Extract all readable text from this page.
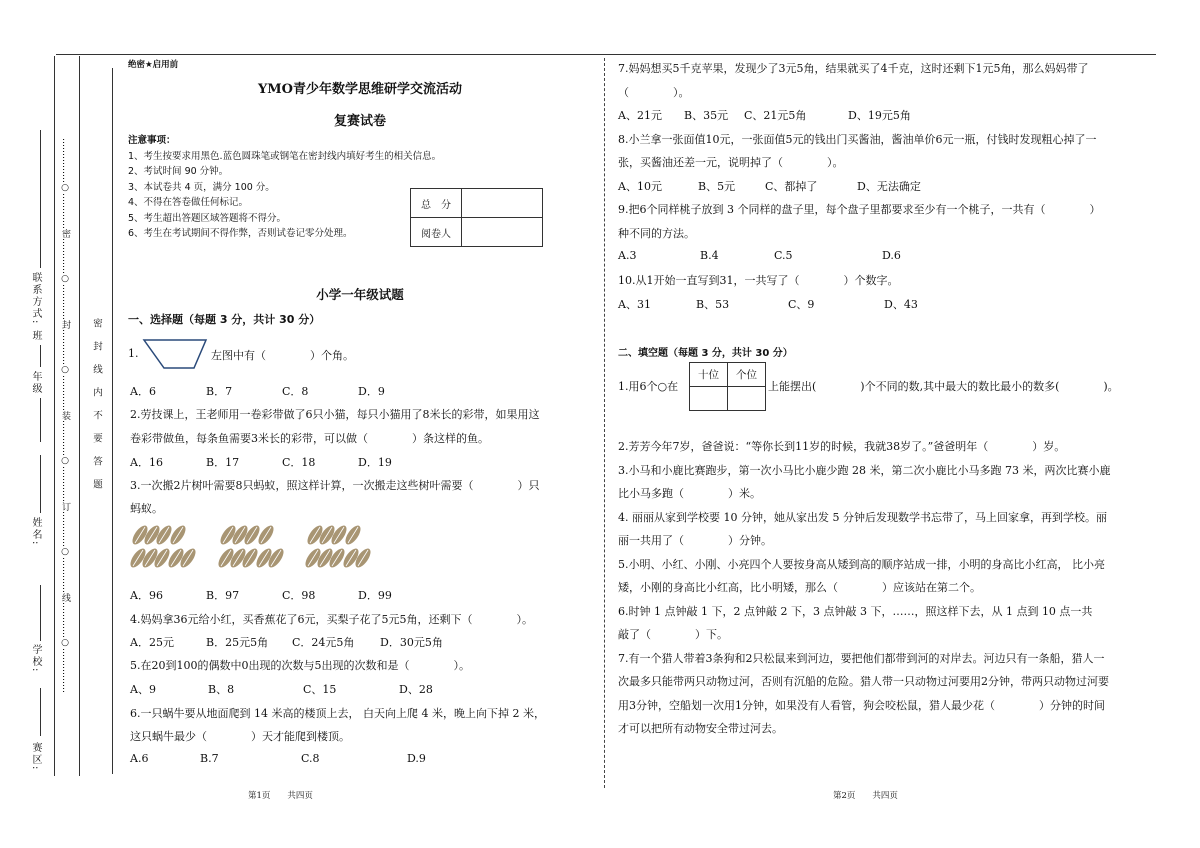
赛区:
学校:
姓名:
年级
班
联系方式: ……………○…………密…………○…………封…………○…………装…………○…………订…………○…………线…………○…………… 密　封　线　内　不　要　答　题
绝密★启用前
YMO青少年数学思维研学交流活动
复赛试卷
注意事项：
1、考生按要求用黑色.蓝色圆珠笔或钢笔在密封线内填好考生的相关信息。
2、考试时间 90 分钟。
3、本试卷共 4 页，满分 100 分。
4、不得在答卷做任何标记。
5、考生超出答题区域答题将不得分。
6、考生在考试期间不得作弊，否则试卷记零分处理。
总　分	
阅卷人	
小学一年级试题
一、选择题（每题 3 分，共计 30 分）
1.	左图中有（　　　　）个角。
A．6	B．7	C．8	D．9
2.劳技课上，王老师用一卷彩带做了6只小猫，每只小猫用了8米长的彩带，如果用这
卷彩带做鱼，每条鱼需要3米长的彩带，可以做（　　　　）条这样的鱼。
A．16	B．17	C．18	D．19
3.一次搬2片树叶需要8只蚂蚁，照这样计算，一次搬走这些树叶需要（　　　　）只
蚂蚁。
A．96	B．97	C．98	D．99
4.妈妈拿36元给小红，买香蕉花了6元，买梨子花了5元5角，还剩下（　　　　）。
A．25元	B．25元5角 C．24元5角 D．30元5角
5.在20到100的偶数中0出现的次数与5出现的次数和是（　　　　）。
A、9	B、8	C、15	D、28
6.一只蜗牛要从地面爬到 14 米高的楼顶上去， 白天向上爬 4 米，晚上向下掉 2 米，
这只蜗牛最少（　　　　）天才能爬到楼顶。
A.6	B.7	C.8	D.9
第1页　　共四页
7.妈妈想买5千克苹果，发现少了3元5角，结果就买了4千克，这时还剩下1元5角，那么妈妈带了
（　　　　）。
A、21元 B、35元 C、21元5角	D、19元5角
8.小兰拿一张面值10元，一张面值5元的钱出门买酱油，酱油单价6元一瓶，付钱时发现粗心掉了一
张，买酱油还差一元，说明掉了（　　　　）。
A、10元	B、5元	C、都掉了	D、无法确定
9.把6个同样桃子放到 3 个同样的盘子里，每个盘子里都要求至少有一个桃子，一共有（　　　　）
种不同的方法。
A.3	B.4	C.5	D.6
10.从1开始一直写到31，一共写了（　　　　）个数字。
A、31	B、53	C、9	D、43
二、填空题（每题 3 分，共计 30 分）
1.用6个○在
十位	个位

上能摆出(　　　　)个不同的数,其中最大的数比最小的数多(　　　　)。
2.芳芳今年7岁，爸爸说：“等你长到11岁的时候，我就38岁了。”爸爸明年（　　　　）岁。
3.小马和小鹿比赛跑步，第一次小马比小鹿少跑 28 米，第二次小鹿比小马多跑 73 米，两次比赛小鹿
比小马多跑（　　　　）米。
4. 丽丽从家到学校要 10 分钟，她从家出发 5 分钟后发现数学书忘带了，马上回家拿，再到学校。丽
丽一共用了（　　　　）分钟。
5.小明、小红、小刚、小亮四个人要按身高从矮到高的顺序站成一排，小明的身高比小红高， 比小亮
矮，小刚的身高比小红高，比小明矮，那么（　　　　）应该站在第二个。
6.时钟 1 点钟敲 1 下，2 点钟敲 2 下，3 点钟敲 3 下，……，照这样下去，从 1 点到 10 点一共
敲了（　　　　）下。
7.有一个猎人带着3条狗和2只松鼠来到河边，要把他们都带到河的对岸去。河边只有一条船，猎人一
次最多只能带两只动物过河，否则有沉船的危险。猎人带一只动物过河要用2分钟，带两只动物过河要
用3分钟，空船划一次用1分钟，如果没有人看管，狗会咬松鼠，猎人最少花（　　　　）分钟的时间
才可以把所有动物安全带过河去。
第2页　　共四页
